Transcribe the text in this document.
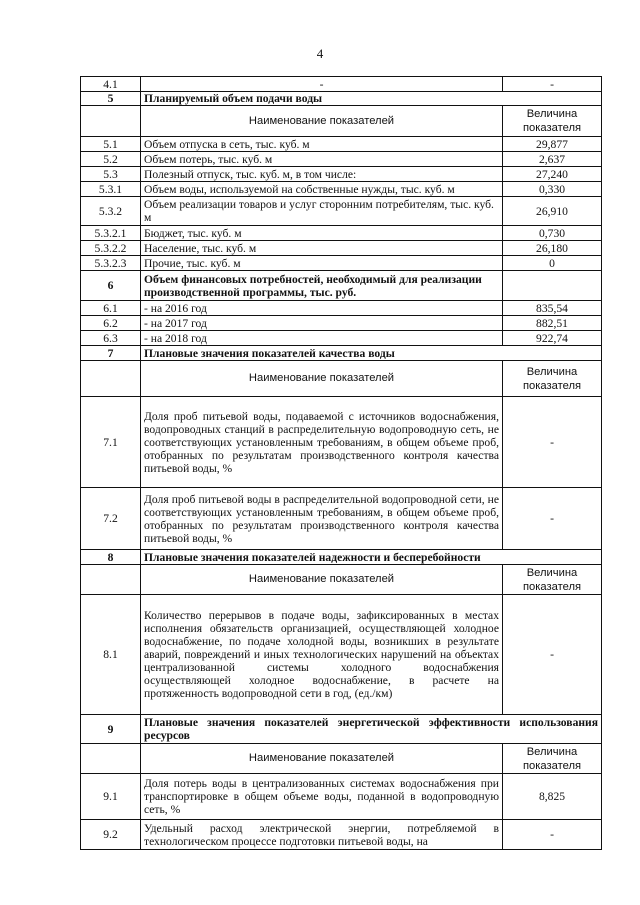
4
4.1	-	-
5	Планируемый объем подачи воды	
	Наименование показателей	Величина показателя
5.1	Объем отпуска в сеть, тыс. куб. м	29,877
5.2	Объем потерь, тыс. куб. м	2,637
5.3	Полезный отпуск, тыс. куб. м, в том числе:	27,240
5.3.1	Объем воды, используемой на собственные нужды, тыс. куб. м	0,330
5.3.2	Объем реализации товаров и услуг сторонним потребителям, тыс. куб. м	26,910
5.3.2.1	Бюджет, тыс. куб. м	0,730
5.3.2.2	Население, тыс. куб. м	26,180
5.3.2.3	Прочие, тыс. куб. м	0
6	Объем финансовых потребностей, необходимый для реализации производственной программы, тыс. руб.	
6.1	- на 2016 год	835,54
6.2	- на 2017 год	882,51
6.3	- на 2018 год	922,74
7	Плановые значения показателей качества воды	
	Наименование показателей	Величина показателя
7.1	Доля проб питьевой воды, подаваемой с источников водоснабжения, водопроводных станций в распределительную водопроводную сеть, не соответствующих установленным требованиям, в общем объеме проб, отобранных по результатам производственного контроля качества питьевой воды, %	-
7.2	Доля проб питьевой воды в распределительной водопроводной сети, не соответствующих установленным требованиям, в общем объеме проб, отобранных по результатам производственного контроля качества питьевой воды, %	-
8	Плановые значения показателей надежности и бесперебойности	
	Наименование показателей	Величина показателя
8.1	Количество перерывов в подаче воды, зафиксированных в местах исполнения обязательств организацией, осуществляющей холодное водоснабжение, по подаче холодной воды, возникших в результате аварий, повреждений и иных технологических нарушений на объектах централизованной системы холодного водоснабжения осуществляющей холодное водоснабжение, в расчете на протяженность водопроводной сети в год, (ед./км)	-
9	Плановые значения показателей энергетической эффективности использования ресурсов	
	Наименование показателей	Величина показателя
9.1	Доля потерь воды в централизованных системах водоснабжения при транспортировке в общем объеме воды, поданной в водопроводную сеть, %	8,825
9.2	Удельный расход электрической энергии, потребляемой в технологическом процессе подготовки питьевой воды, на	-
